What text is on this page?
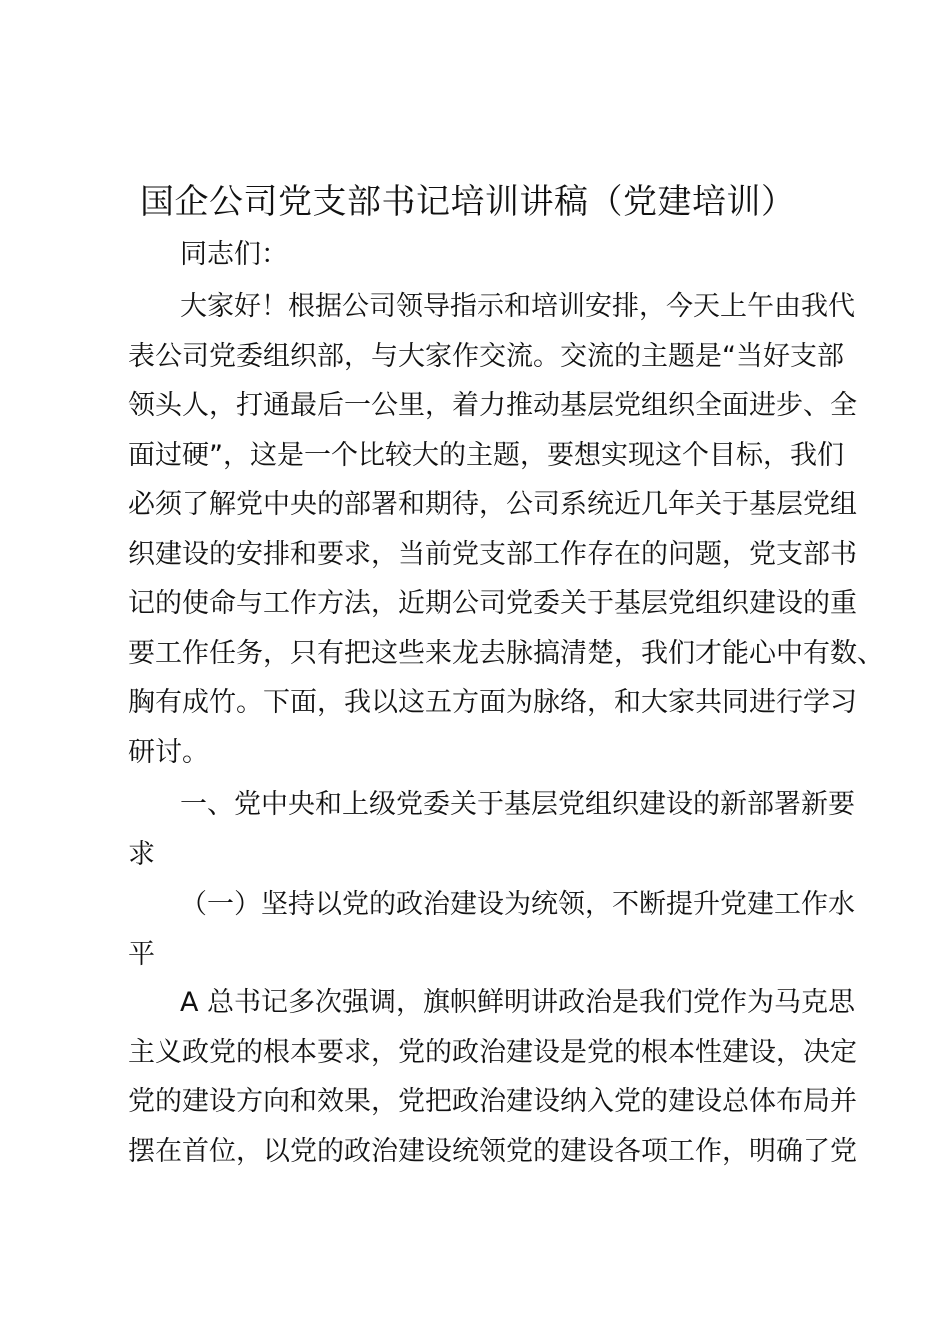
国企公司党支部书记培训讲稿（党建培训）
同志们：
大家好！根据公司领导指示和培训安排，今天上午由我代
表公司党委组织部，与大家作交流。交流的主题是“当好支部
领头人，打通最后一公里，着力推动基层党组织全面进步、全
面过硬”，这是一个比较大的主题，要想实现这个目标，我们
必须了解党中央的部署和期待，公司系统近几年关于基层党组
织建设的安排和要求，当前党支部工作存在的问题，党支部书
记的使命与工作方法，近期公司党委关于基层党组织建设的重
要工作任务，只有把这些来龙去脉搞清楚，我们才能心中有数、
胸有成竹。下面，我以这五方面为脉络，和大家共同进行学习
研讨。
一、党中央和上级党委关于基层党组织建设的新部署新要
求
（一）坚持以党的政治建设为统领，不断提升党建工作水
平
A 总书记多次强调，旗帜鲜明讲政治是我们党作为马克思
主义政党的根本要求，党的政治建设是党的根本性建设，决定
党的建设方向和效果，党把政治建设纳入党的建设总体布局并
摆在首位，以党的政治建设统领党的建设各项工作，明确了党
